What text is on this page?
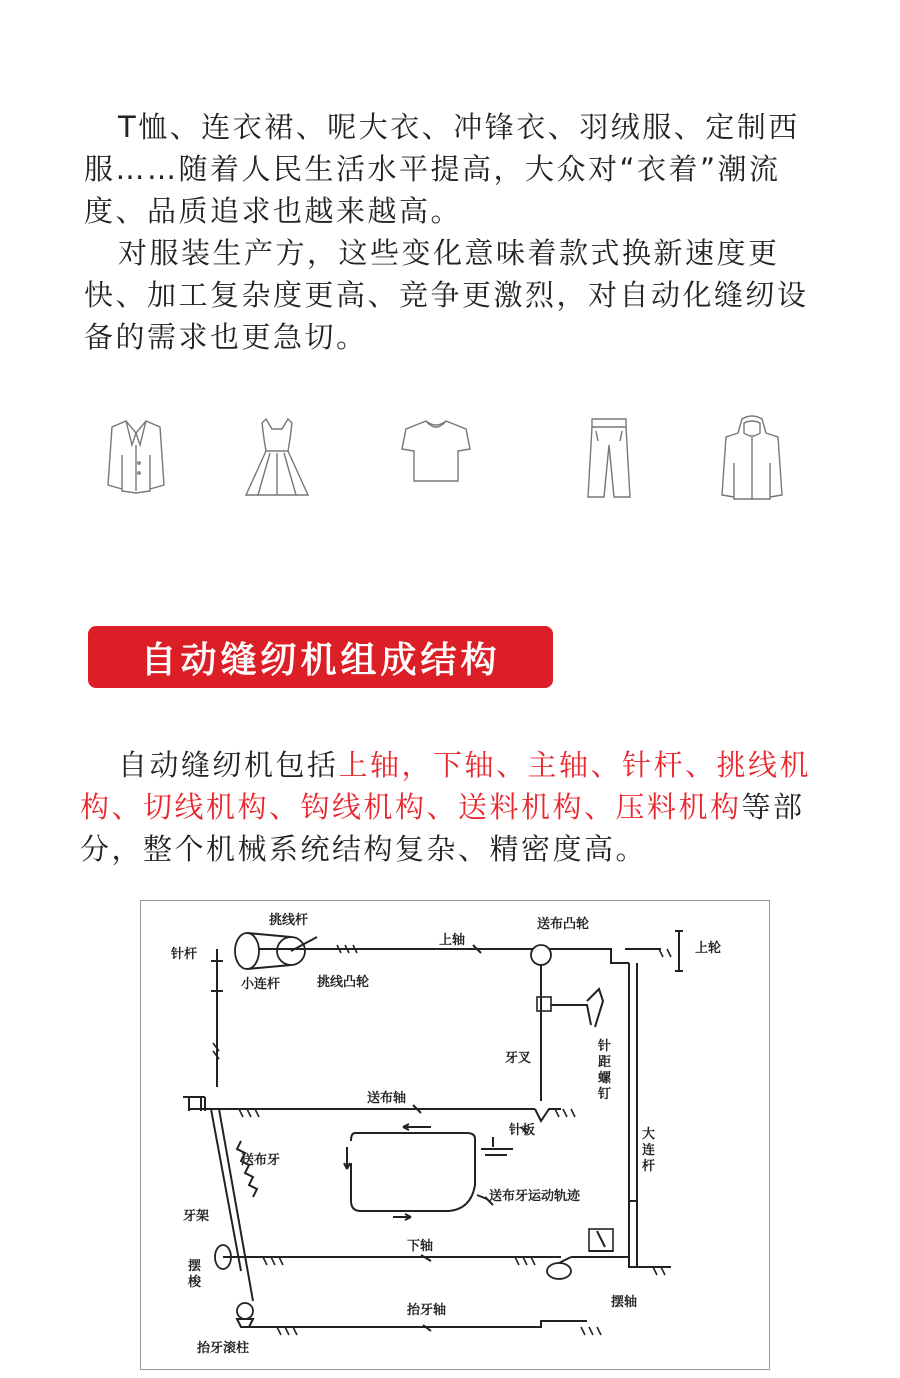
T恤、连衣裙、呢大衣、冲锋衣、羽绒服、定制西服……随着人民生活水平提高，大众对“衣着”潮流度、品质追求也越来越高。

对服装生产方，这些变化意味着款式换新速度更快、加工复杂度更高、竞争更激烈，对自动化缝纫设备的需求也更急切。

自动缝纫机组成结构
自动缝纫机包括上轴，下轴、主轴、针杆、挑线机构、切线机构、钩线机构、送料机构、压料机构等部分，整个机械系统结构复杂、精密度高。
挑线杆
针杆
小连杆	挑线凸轮
上轴
送布凸轮
上轮
牙叉
针距螺钉
送布轴
针板	大连杆
送布牙
送布牙运动轨迹
牙架
下轴
摆梭
摆轴
抬牙轴
抬牙滚柱
